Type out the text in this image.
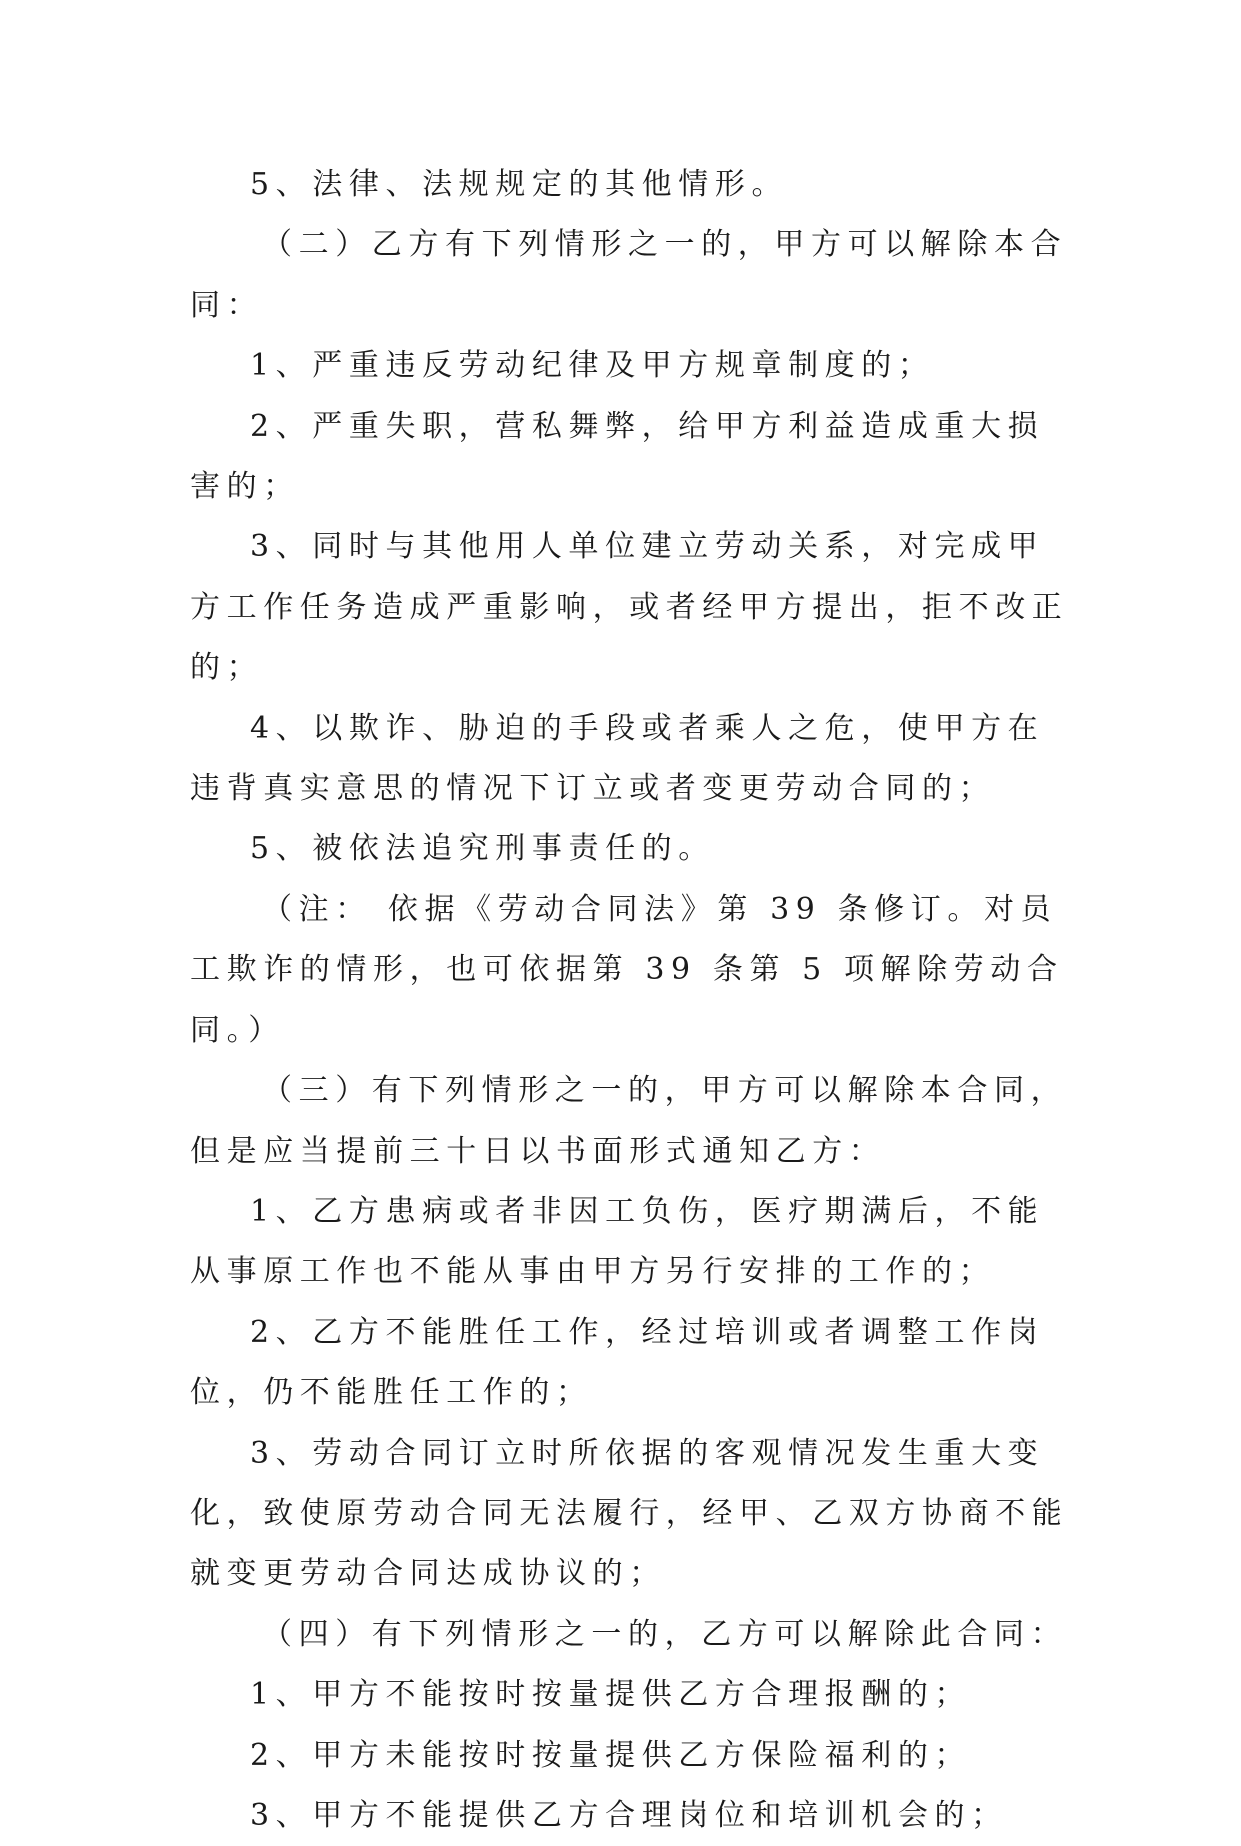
5、法律、法规规定的其他情形。

（二）乙方有下列情形之一的，甲方可以解除本合同：

1、严重违反劳动纪律及甲方规章制度的；

2、严重失职，营私舞弊，给甲方利益造成重大损害的；

3、同时与其他用人单位建立劳动关系，对完成甲方工作任务造成严重影响，或者经甲方提出，拒不改正的；

4、以欺诈、胁迫的手段或者乘人之危，使甲方在违背真实意思的情况下订立或者变更劳动合同的；

5、被依法追究刑事责任的。

（注： 依据《劳动合同法》第 39 条修订。对员工欺诈的情形，也可依据第 39 条第 5 项解除劳动合同。）

（三）有下列情形之一的，甲方可以解除本合同，但是应当提前三十日以书面形式通知乙方：

1、乙方患病或者非因工负伤，医疗期满后，不能从事原工作也不能从事由甲方另行安排的工作的；

2、乙方不能胜任工作，经过培训或者调整工作岗位，仍不能胜任工作的；

3、劳动合同订立时所依据的客观情况发生重大变化，致使原劳动合同无法履行，经甲、乙双方协商不能就变更劳动合同达成协议的；

（四）有下列情形之一的，乙方可以解除此合同：

1、甲方不能按时按量提供乙方合理报酬的；

2、甲方未能按时按量提供乙方保险福利的；

3、甲方不能提供乙方合理岗位和培训机会的；
